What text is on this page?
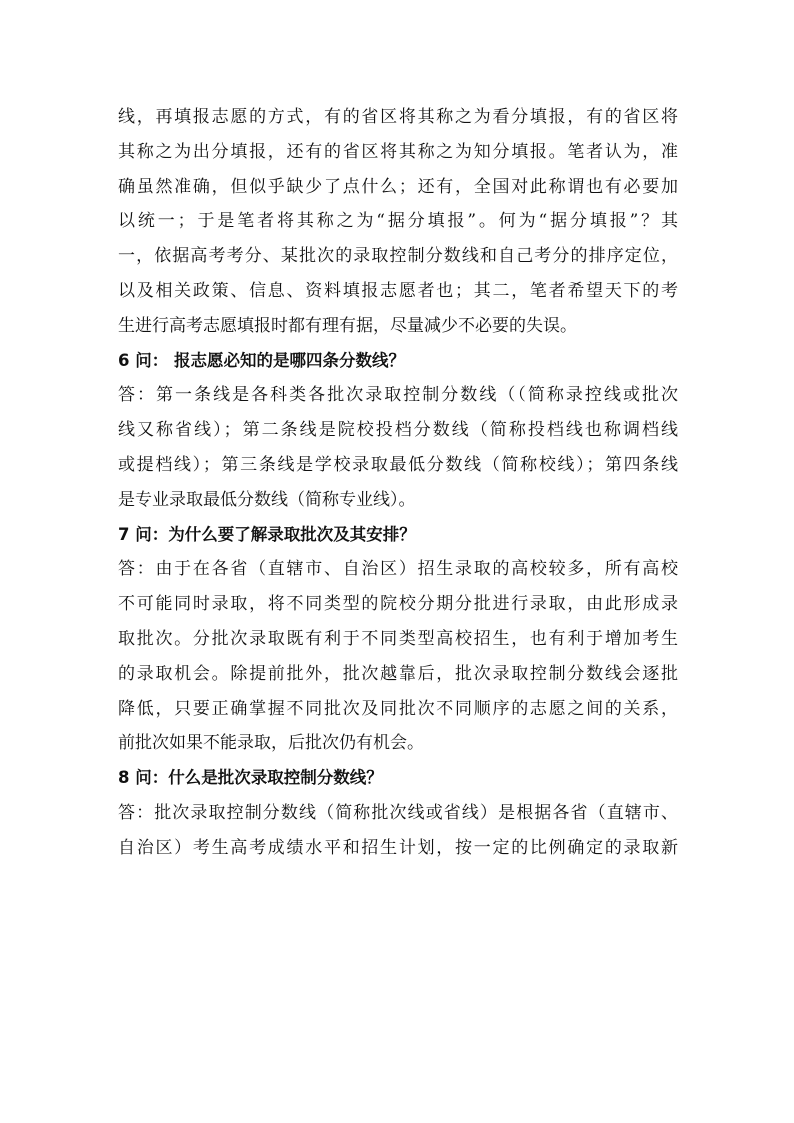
线，再填报志愿的方式，有的省区将其称之为看分填报，有的省区将
其称之为出分填报，还有的省区将其称之为知分填报。笔者认为，准
确虽然准确，但似乎缺少了点什么；还有，全国对此称谓也有必要加
以统一；于是笔者将其称之为“据分填报”。何为“据分填报”？其
一，依据高考考分、某批次的录取控制分数线和自己考分的排序定位，
以及相关政策、信息、资料填报志愿者也；其二，笔者希望天下的考
生进行高考志愿填报时都有理有据，尽量减少不必要的失误。
6 问： 报志愿必知的是哪四条分数线？
答：第一条线是各科类各批次录取控制分数线（（简称录控线或批次
线又称省线）；第二条线是院校投档分数线（简称投档线也称调档线
或提档线）；第三条线是学校录取最低分数线（简称校线）；第四条线
是专业录取最低分数线（简称专业线）。
7 问：为什么要了解录取批次及其安排？
答：由于在各省（直辖市、自治区）招生录取的高校较多，所有高校
不可能同时录取，将不同类型的院校分期分批进行录取，由此形成录
取批次。分批次录取既有利于不同类型高校招生，也有利于增加考生
的录取机会。除提前批外，批次越靠后，批次录取控制分数线会逐批
降低，只要正确掌握不同批次及同批次不同顺序的志愿之间的关系，
前批次如果不能录取，后批次仍有机会。
8 问：什么是批次录取控制分数线？
答：批次录取控制分数线（简称批次线或省线）是根据各省（直辖市、
自治区）考生高考成绩水平和招生计划，按一定的比例确定的录取新
